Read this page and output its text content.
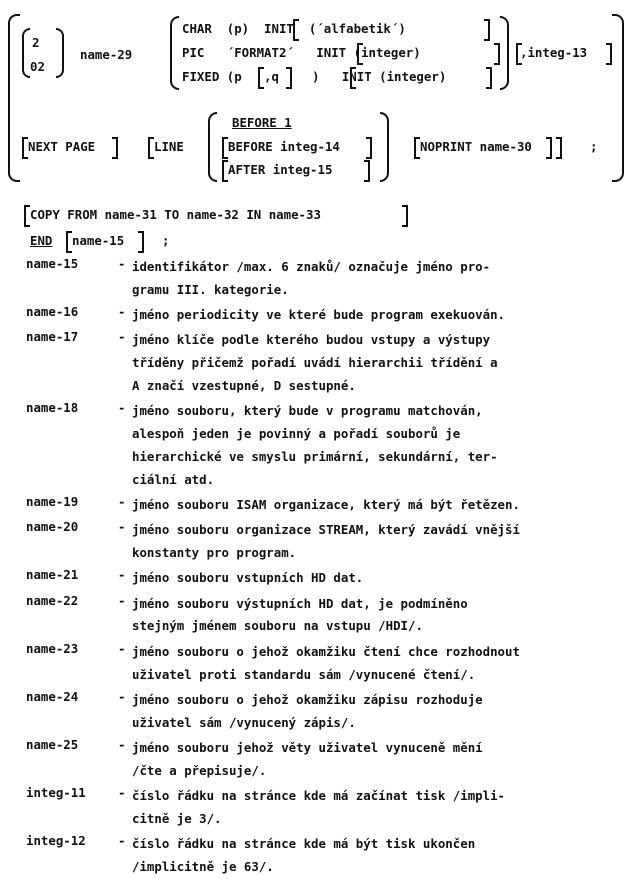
2
02
name-29
CHAR  (p)  INIT  (´alfabetik´)
PIC   ´FORMAT2´   INIT (integer)
FIXED (p ,q	)   INIT (integer)
,integ-13
NEXT PAGE	LINE
BEFORE 1
BEFORE integ-14
AFTER integ-15
NOPRINT name-30	;
COPY FROM name-31 TO name-32 IN name-33
END name-15	;
name-15	- identifikátor /max. 6 znaků/ označuje jméno pro-
gramu III. kategorie.
name-16	- jméno periodicity ve které bude program exekuován.
name-17	- jméno klíče podle kterého budou vstupy a výstupy
tříděny přičemž pořadí uvádí hierarchii třídění a
A značí vzestupné, D sestupné.
name-18	- jméno souboru, který bude v programu matchován,
alespoň jeden je povinný a pořadí souborů je
hierarchické ve smyslu primární, sekundární, ter-
ciální atd.
name-19	- jméno souboru ISAM organizace, který má být řetězen.
name-20	- jméno souboru organizace STREAM, který zavádí vnější
konstanty pro program.
name-21	- jméno souboru vstupních HD dat.
name-22	- jméno souboru výstupních HD dat, je podmíněno
stejným jménem souboru na vstupu /HDI/.
name-23	- jméno souboru o jehož okamžiku čtení chce rozhodnout
uživatel proti standardu sám /vynucené čtení/.
name-24	- jméno souboru o jehož okamžiku zápisu rozhoduje
uživatel sám /vynucený zápis/.
name-25	- jméno souboru jehož věty uživatel vynuceně mění
/čte a přepisuje/.
integ-11	- číslo řádku na stránce kde má začínat tisk /impli-
citně je 3/.
integ-12	- číslo řádku na stránce kde má být tisk ukončen
/implicitně je 63/.
